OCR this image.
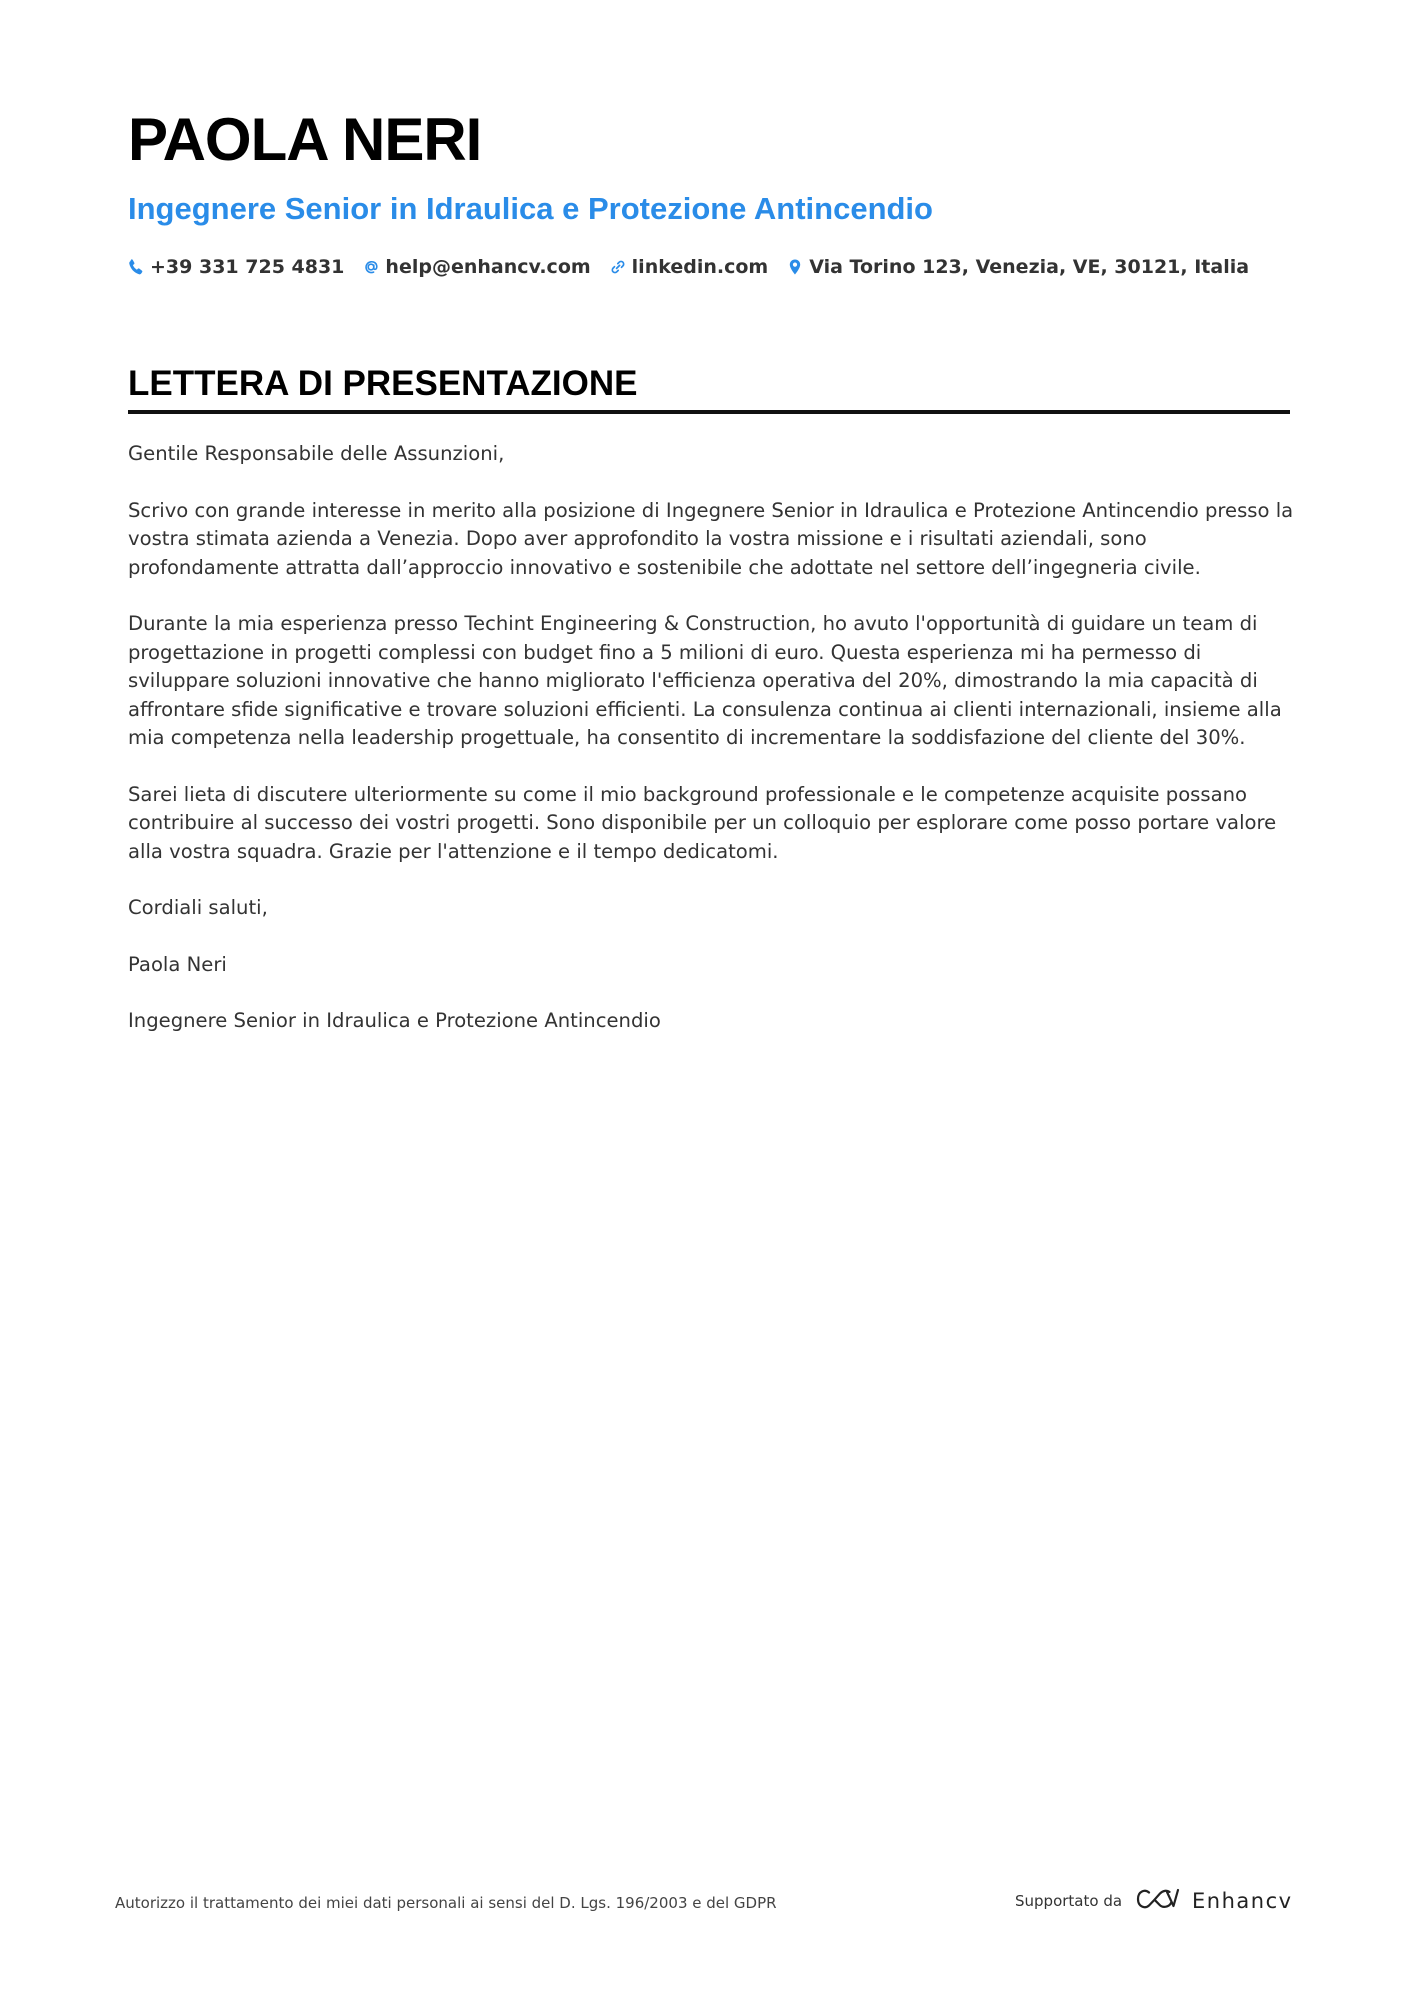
PAOLA NERI
Ingegnere Senior in Idraulica e Protezione Antincendio
+39 331 725 4831 help@enhancv.com linkedin.com Via Torino 123, Venezia, VE, 30121, Italia
LETTERA DI PRESENTAZIONE

Gentile Responsabile delle Assunzioni,

Scrivo con grande interesse in merito alla posizione di Ingegnere Senior in Idraulica e Protezione Antincendio presso la vostra stimata azienda a Venezia. Dopo aver approfondito la vostra missione e i risultati aziendali, sono profondamente attratta dall’approccio innovativo e sostenibile che adottate nel settore dell’ingegneria civile.

Durante la mia esperienza presso Techint Engineering & Construction, ho avuto l'opportunità di guidare un team di progettazione in progetti complessi con budget fino a 5 milioni di euro. Questa esperienza mi ha permesso di sviluppare soluzioni innovative che hanno migliorato l'efficienza operativa del 20%, dimostrando la mia capacità di affrontare sfide significative e trovare soluzioni efficienti. La consulenza continua ai clienti internazionali, insieme alla mia competenza nella leadership progettuale, ha consentito di incrementare la soddisfazione del cliente del 30%.

Sarei lieta di discutere ulteriormente su come il mio background professionale e le competenze acquisite possano contribuire al successo dei vostri progetti. Sono disponibile per un colloquio per esplorare come posso portare valore alla vostra squadra. Grazie per l'attenzione e il tempo dedicatomi.

Cordiali saluti,

Paola Neri

Ingegnere Senior in Idraulica e Protezione Antincendio

Autorizzo il trattamento dei miei dati personali ai sensi del D. Lgs. 196/2003 e del GDPR	Supportato da	Enhancv
